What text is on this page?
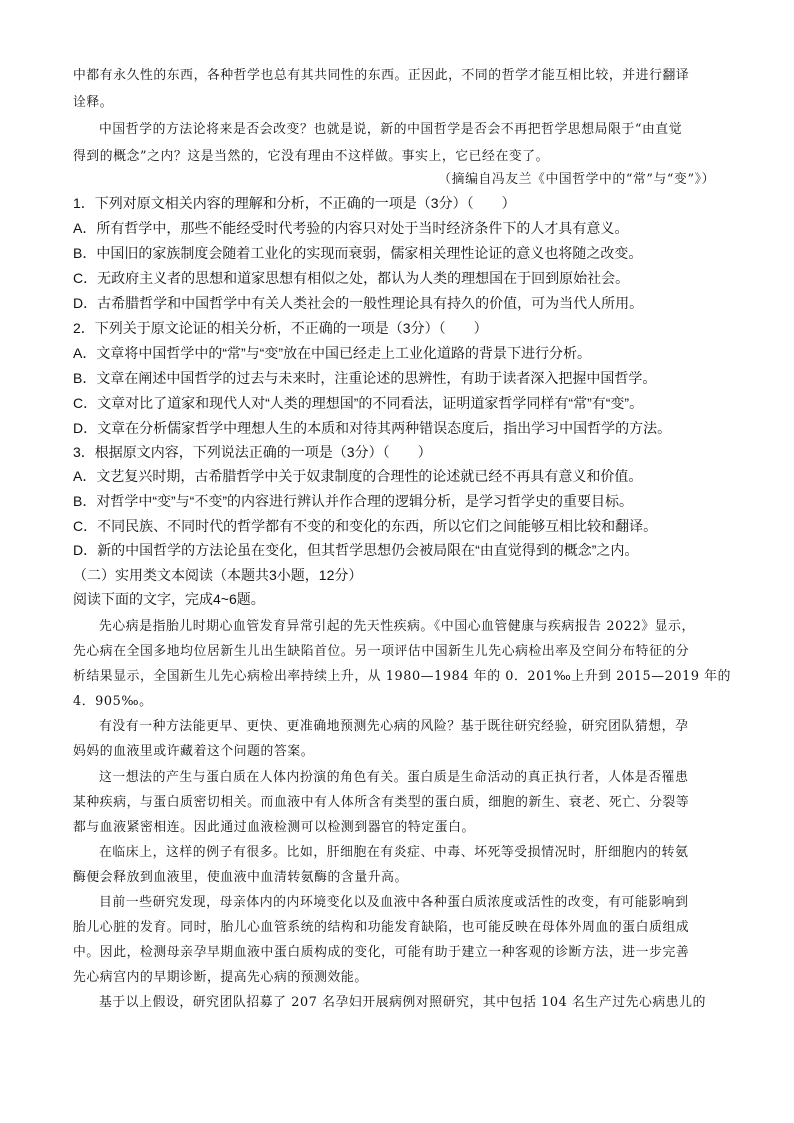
中都有永久性的东西，各种哲学也总有其共同性的东西。正因此，不同的哲学才能互相比较，并进行翻译
诠释。
中国哲学的方法论将来是否会改变？也就是说，新的中国哲学是否会不再把哲学思想局限于“由直觉
得到的概念”之内？这是当然的，它没有理由不这样做。事实上，它已经在变了。
（摘编自冯友兰《中国哲学中的“常”与“变”》）
1．下列对原文相关内容的理解和分析，不正确的一项是（3分）（　　）
A．所有哲学中，那些不能经受时代考验的内容只对处于当时经济条件下的人才具有意义。
B．中国旧的家族制度会随着工业化的实现而衰弱，儒家相关理性论证的意义也将随之改变。
C．无政府主义者的思想和道家思想有相似之处，都认为人类的理想国在于回到原始社会。
D．古希腊哲学和中国哲学中有关人类社会的一般性理论具有持久的价值，可为当代人所用。
2．下列关于原文论证的相关分析，不正确的一项是（3分）（　　）
A．文章将中国哲学中的“常”与“变”放在中国已经走上工业化道路的背景下进行分析。
B．文章在阐述中国哲学的过去与未来时，注重论述的思辨性，有助于读者深入把握中国哲学。
C．文章对比了道家和现代人对“人类的理想国”的不同看法，证明道家哲学同样有“常”有“变”。
D．文章在分析儒家哲学中理想人生的本质和对待其两种错误态度后，指出学习中国哲学的方法。
3．根据原文内容，下列说法正确的一项是（3分）（　　）
A．文艺复兴时期，古希腊哲学中关于奴隶制度的合理性的论述就已经不再具有意义和价值。
B．对哲学中“变”与“不变”的内容进行辨认并作合理的逻辑分析，是学习哲学史的重要目标。
C．不同民族、不同时代的哲学都有不变的和变化的东西，所以它们之间能够互相比较和翻译。
D．新的中国哲学的方法论虽在变化，但其哲学思想仍会被局限在“由直觉得到的概念”之内。
（二）实用类文本阅读（本题共3小题，12分）
阅读下面的文字，完成4~6题。
先心病是指胎儿时期心血管发育异常引起的先天性疾病。《中国心血管健康与疾病报告 2022》显示，
先心病在全国多地均位居新生儿出生缺陷首位。另一项评估中国新生儿先心病检出率及空间分布特征的分
析结果显示，全国新生儿先心病检出率持续上升，从 1980—1984 年的 0．201‰上升到 2015—2019 年的
4．905‰。
有没有一种方法能更早、更快、更准确地预测先心病的风险？基于既往研究经验，研究团队猜想，孕
妈妈的血液里或许藏着这个问题的答案。
这一想法的产生与蛋白质在人体内扮演的角色有关。蛋白质是生命活动的真正执行者，人体是否罹患
某种疾病，与蛋白质密切相关。而血液中有人体所含有类型的蛋白质，细胞的新生、衰老、死亡、分裂等
都与血液紧密相连。因此通过血液检测可以检测到器官的特定蛋白。
在临床上，这样的例子有很多。比如，肝细胞在有炎症、中毒、坏死等受损情况时，肝细胞内的转氨
酶便会释放到血液里，使血液中血清转氨酶的含量升高。
目前一些研究发现，母亲体内的内环境变化以及血液中各种蛋白质浓度或活性的改变，有可能影响到
胎儿心脏的发育。同时，胎儿心血管系统的结构和功能发育缺陷，也可能反映在母体外周血的蛋白质组成
中。因此，检测母亲孕早期血液中蛋白质构成的变化，可能有助于建立一种客观的诊断方法，进一步完善
先心病宫内的早期诊断，提高先心病的预测效能。
基于以上假设，研究团队招募了 207 名孕妇开展病例对照研究，其中包括 104 名生产过先心病患儿的
